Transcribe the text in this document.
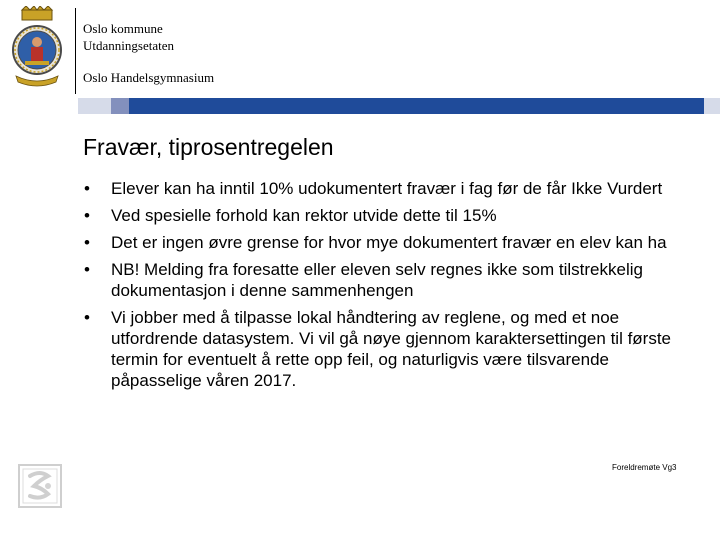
Oslo kommune
Utdanningsetaten
Oslo Handelsgymnasium
Fravær, tiprosentregelen
• Elever kan ha inntil 10% udokumentert fravær i fag før de får Ikke Vurdert
• Ved spesielle forhold kan rektor utvide dette til 15%
• Det er ingen øvre grense for hvor mye dokumentert fravær en elev kan ha
• NB! Melding fra foresatte eller eleven selv regnes ikke som tilstrekkelig dokumentasjon i denne sammenhengen
• Vi jobber med å tilpasse lokal håndtering av reglene, og med et noe utfordrende datasystem. Vi vil gå nøye gjennom karaktersettingen til første termin for eventuelt å rette opp feil, og naturligvis være tilsvarende påpasselige våren 2017.
Foreldremøte Vg3
